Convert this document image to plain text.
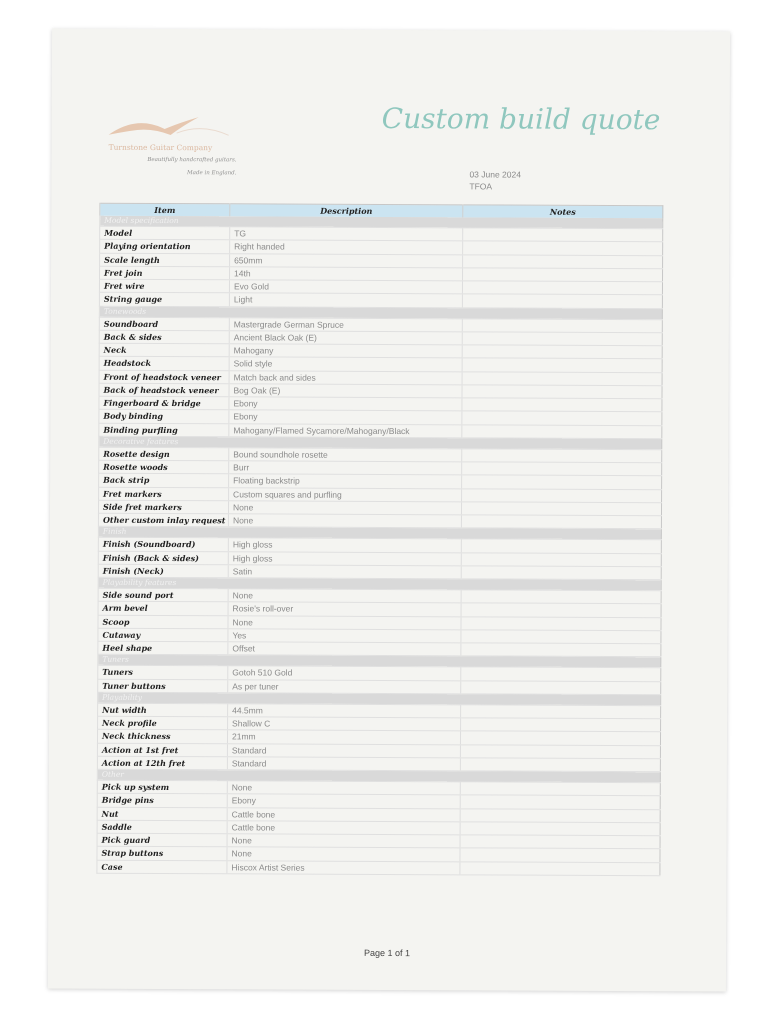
Turnstone Guitar Company
Beautifully handcrafted guitars.
Made in England.
Custom build quote
03 June 2024
TFOA
Item	Description	Notes
Model specification		
Model	TG	
Playing orientation	Right handed	
Scale length	650mm	
Fret join	14th	
Fret wire	Evo Gold	
String gauge	Light	
Tonewoods		
Soundboard	Mastergrade German Spruce	
Back & sides	Ancient Black Oak (E)	
Neck	Mahogany	
Headstock	Solid style	
Front of headstock veneer	Match back and sides	
Back of headstock veneer	Bog Oak (E)	
Fingerboard & bridge	Ebony	
Body binding	Ebony	
Binding purfling	Mahogany/Flamed Sycamore/Mahogany/Black	
Decorative features		
Rosette design	Bound soundhole rosette	
Rosette woods	Burr	
Back strip	Floating backstrip	
Fret markers	Custom squares and purfling	
Side fret markers	None	
Other custom inlay request	None	
Finish		
Finish (Soundboard)	High gloss	
Finish (Back & sides)	High gloss	
Finish (Neck)	Satin	
Playability features		
Side sound port	None	
Arm bevel	Rosie's roll-over	
Scoop	None	
Cutaway	Yes	
Heel shape	Offset	
Tuners		
Tuners	Gotoh 510 Gold	
Tuner buttons	As per tuner	
Playability		
Nut width	44.5mm	
Neck profile	Shallow C	
Neck thickness	21mm	
Action at 1st fret	Standard	
Action at 12th fret	Standard	
Other		
Pick up system	None	
Bridge pins	Ebony	
Nut	Cattle bone	
Saddle	Cattle bone	
Pick guard	None	
Strap buttons	None	
Case	Hiscox Artist Series	
Page 1 of 1
